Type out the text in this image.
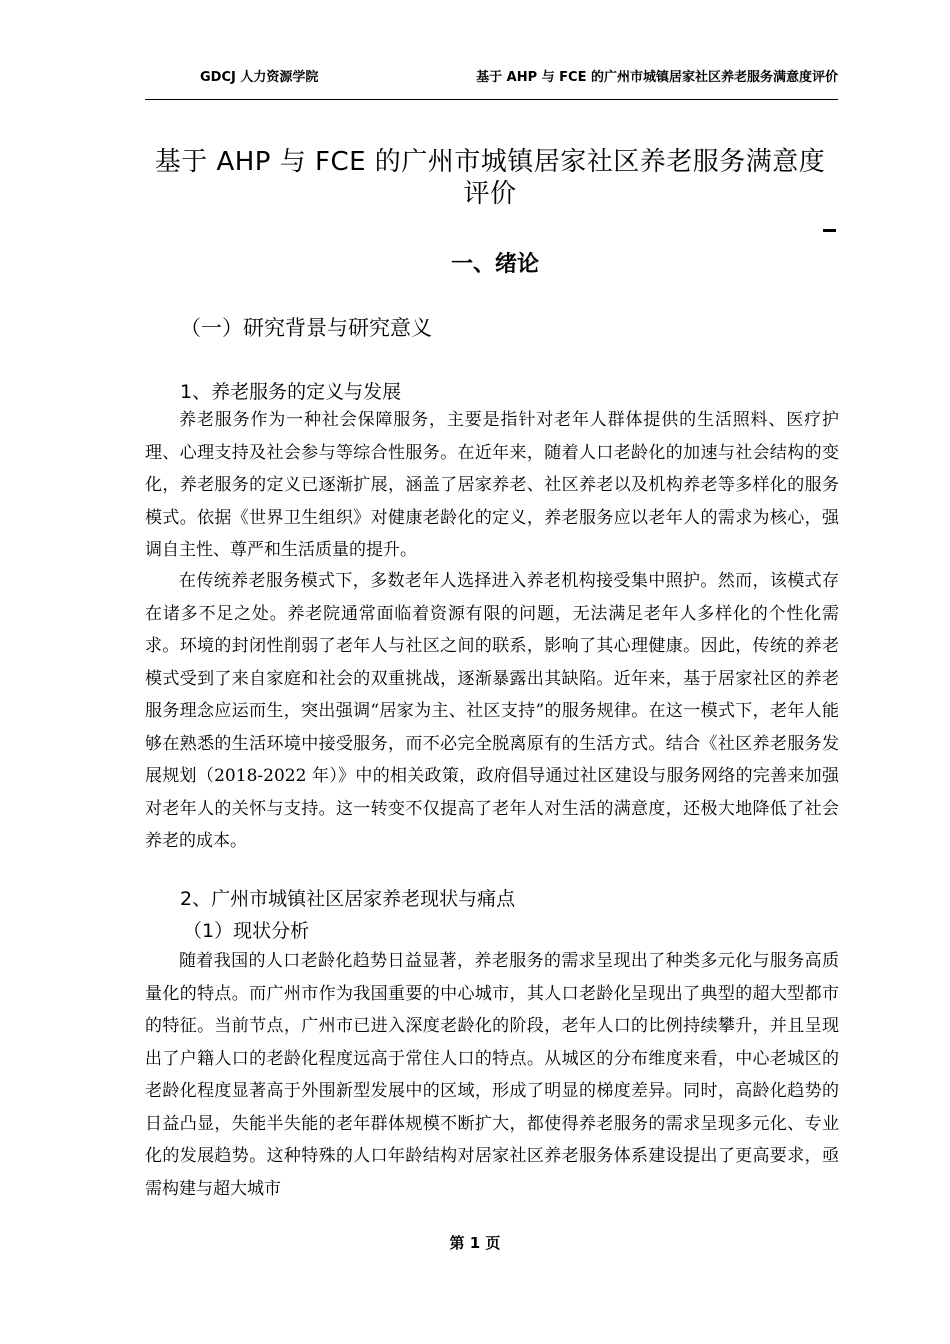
GDCJ 人力资源学院	基于 AHP 与 FCE 的广州市城镇居家社区养老服务满意度评价
基于 AHP 与 FCE 的广州市城镇居家社区养老服务满意度
评价
一、绪论
（一）研究背景与研究意义
1、养老服务的定义与发展

养老服务作为一种社会保障服务，主要是指针对老年人群体提供的生活照料、医疗护理、心理支持及社会参与等综合性服务。在近年来，随着人口老龄化的加速与社会结构的变化，养老服务的定义已逐渐扩展，涵盖了居家养老、社区养老以及机构养老等多样化的服务模式。依据《世界卫生组织》对健康老龄化的定义，养老服务应以老年人的需求为核心，强调自主性、尊严和生活质量的提升。

在传统养老服务模式下，多数老年人选择进入养老机构接受集中照护。然而，该模式存在诸多不足之处。养老院通常面临着资源有限的问题，无法满足老年人多样化的个性化需求。环境的封闭性削弱了老年人与社区之间的联系，影响了其心理健康。因此，传统的养老模式受到了来自家庭和社会的双重挑战，逐渐暴露出其缺陷。近年来，基于居家社区的养老服务理念应运而生，突出强调“居家为主、社区支持”的服务规律。在这一模式下，老年人能够在熟悉的生活环境中接受服务，而不必完全脱离原有的生活方式。结合《社区养老服务发展规划（2018-2022 年）》中的相关政策，政府倡导通过社区建设与服务网络的完善来加强对老年人的关怀与支持。这一转变不仅提高了老年人对生活的满意度，还极大地降低了社会养老的成本。

2、广州市城镇社区居家养老现状与痛点
（1）现状分析

随着我国的人口老龄化趋势日益显著，养老服务的需求呈现出了种类多元化与服务高质量化的特点。而广州市作为我国重要的中心城市，其人口老龄化呈现出了典型的超大型都市的特征。当前节点，广州市已进入深度老龄化的阶段，老年人口的比例持续攀升，并且呈现出了户籍人口的老龄化程度远高于常住人口的特点。从城区的分布维度来看，中心老城区的老龄化程度显著高于外围新型发展中的区域，形成了明显的梯度差异。同时，高龄化趋势的日益凸显，失能半失能的老年群体规模不断扩大，都使得养老服务的需求呈现多元化、专业化的发展趋势。这种特殊的人口年龄结构对居家社区养老服务体系建设提出了更高要求，亟需构建与超大城市

第 1 页
